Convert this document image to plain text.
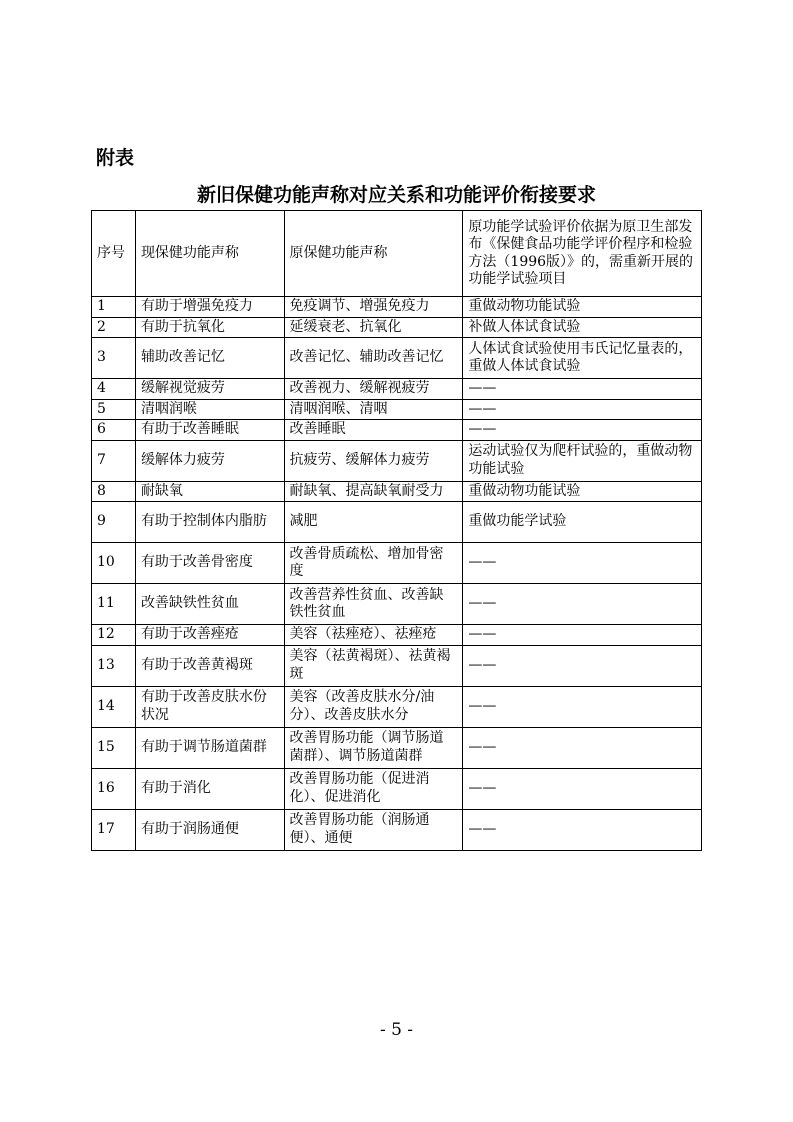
附表
新旧保健功能声称对应关系和功能评价衔接要求
序号	现保健功能声称	原保健功能声称	原功能学试验评价依据为原卫生部发布《保健食品功能学评价程序和检验方法（1996版）》的，需重新开展的功能学试验项目
1	有助于增强免疫力	免疫调节、增强免疫力	重做动物功能试验
2	有助于抗氧化	延缓衰老、抗氧化	补做人体试食试验
3	辅助改善记忆	改善记忆、辅助改善记忆	人体试食试验使用韦氏记忆量表的，重做人体试食试验
4	缓解视觉疲劳	改善视力、缓解视疲劳	——
5	清咽润喉	清咽润喉、清咽	——
6	有助于改善睡眠	改善睡眠	——
7	缓解体力疲劳	抗疲劳、缓解体力疲劳	运动试验仅为爬杆试验的，重做动物功能试验
8	耐缺氧	耐缺氧、提高缺氧耐受力	重做动物功能试验
9	有助于控制体内脂肪	减肥	重做功能学试验
10	有助于改善骨密度	改善骨质疏松、增加骨密度	——
11	改善缺铁性贫血	改善营养性贫血、改善缺铁性贫血	——
12	有助于改善痤疮	美容（祛痤疮）、祛痤疮	——
13	有助于改善黄褐斑	美容（祛黄褐斑）、祛黄褐斑	——
14	有助于改善皮肤水份状况	美容（改善皮肤水分/油分）、改善皮肤水分	——
15	有助于调节肠道菌群	改善胃肠功能（调节肠道菌群）、调节肠道菌群	——
16	有助于消化	改善胃肠功能（促进消化）、促进消化	——
17	有助于润肠通便	改善胃肠功能（润肠通便）、通便	——
- 5 -
